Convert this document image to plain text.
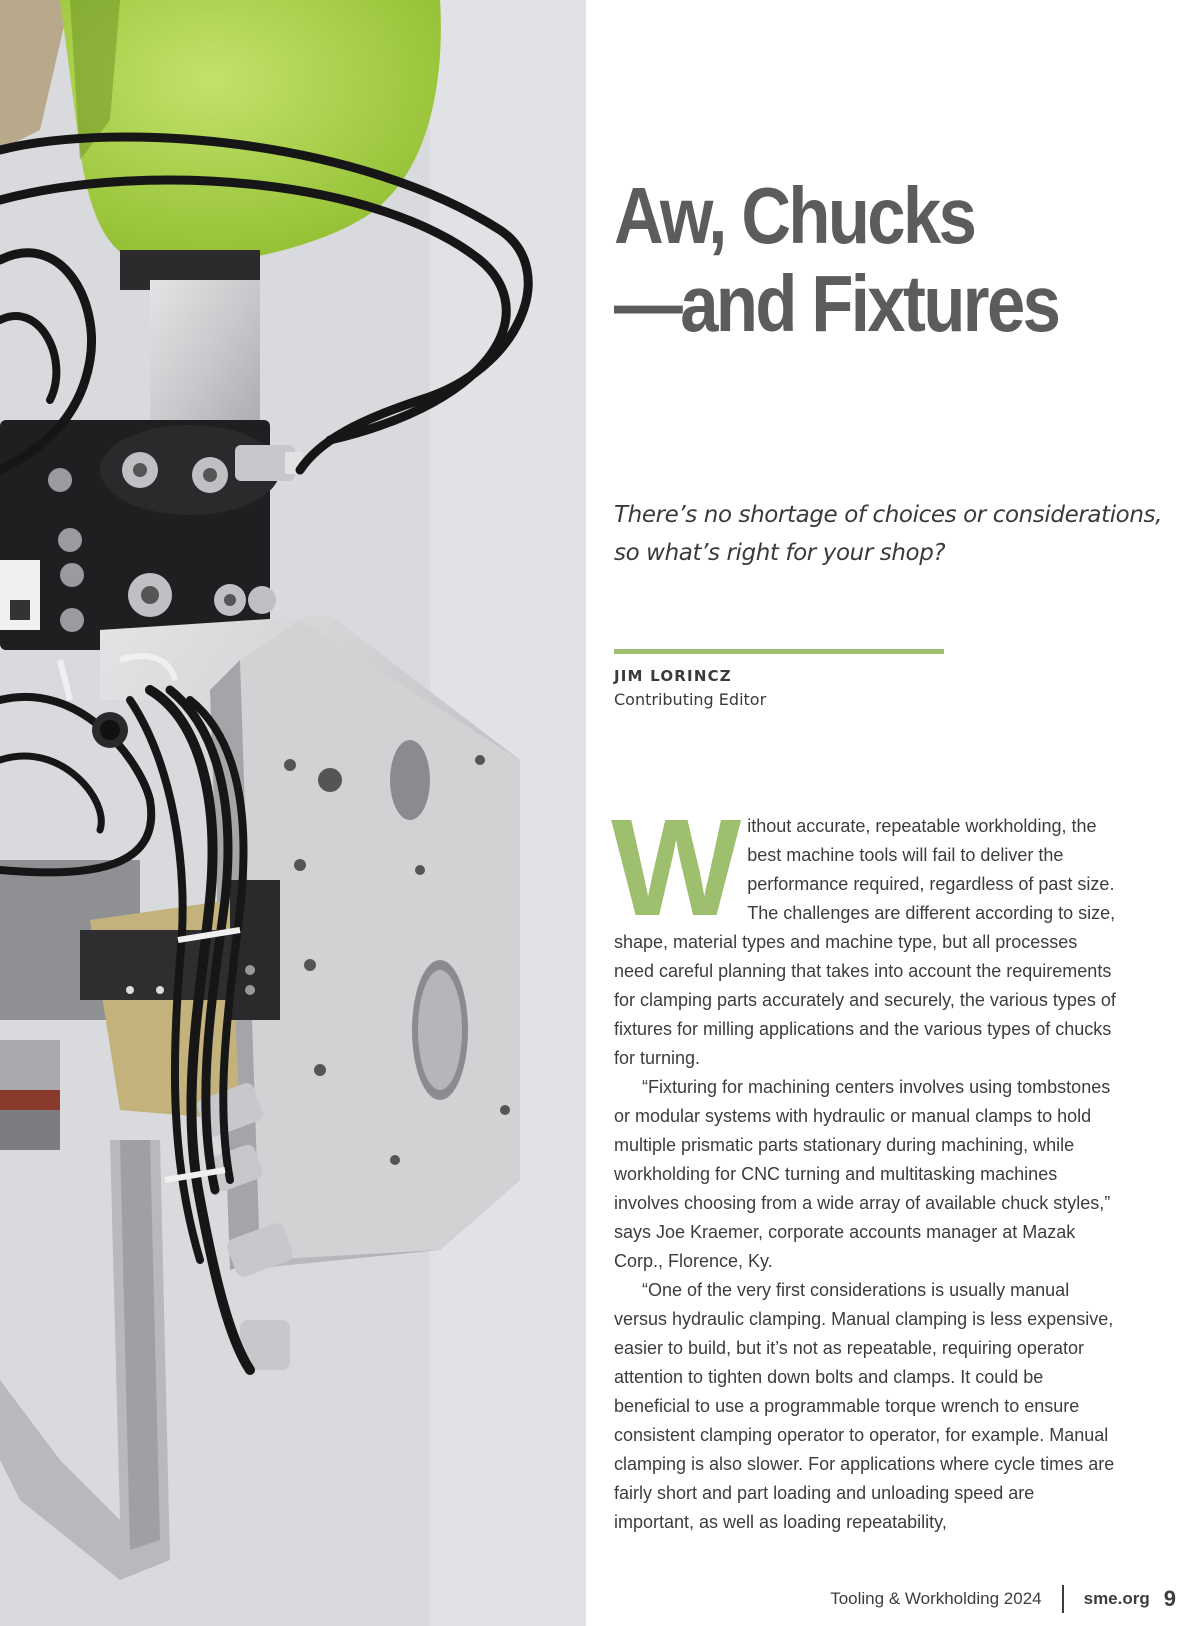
Aw, Chucks
—and Fixtures
There’s no shortage of choices or considerations,
so what’s right for your shop?
JIM LORINCZ
Contributing Editor

Without accurate, repeatable workholding, the best machine tools will fail to deliver the performance required, regardless of past size. The challenges are different according to size, shape, material types and machine type, but all processes need careful planning that takes into account the requirements for clamping parts accurately and securely, the various types of fixtures for milling applications and the various types of chucks for turning.

“Fixturing for machining centers involves using tombstones or modular systems with hydraulic or manual clamps to hold multiple prismatic parts stationary during machining, while workholding for CNC turning and multitasking machines involves choosing from a wide array of available chuck styles,” says Joe Kraemer, corporate accounts manager at Mazak Corp., Florence, Ky.

“One of the very first considerations is usually manual versus hydraulic clamping. Manual clamping is less expensive, easier to build, but it’s not as repeatable, requiring operator attention to tighten down bolts and clamps. It could be beneficial to use a programmable torque wrench to ensure consistent clamping operator to operator, for example. Manual clamping is also slower. For applications where cycle times are fairly short and part loading and unloading speed are important, as well as loading repeatability,

Tooling & Workholding 2024 sme.org 9
